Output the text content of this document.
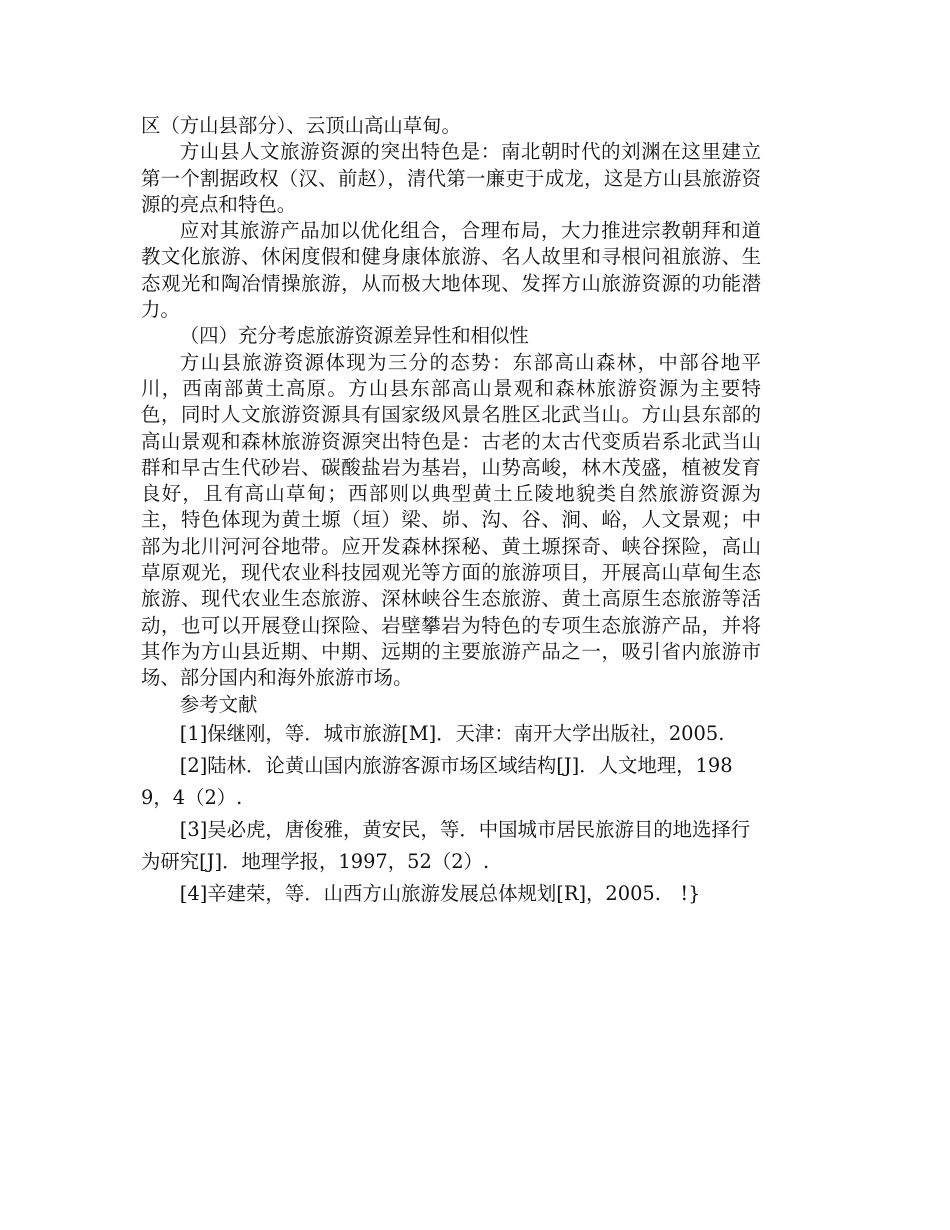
区（方山县部分）、云顶山高山草甸。

方山县人文旅游资源的突出特色是：南北朝时代的刘渊在这里建立第一个割据政权（汉、前赵），清代第一廉吏于成龙，这是方山县旅游资源的亮点和特色。

应对其旅游产品加以优化组合，合理布局，大力推进宗教朝拜和道教文化旅游、休闲度假和健身康体旅游、名人故里和寻根问祖旅游、生态观光和陶冶情操旅游，从而极大地体现、发挥方山旅游资源的功能潜力。

（四）充分考虑旅游资源差异性和相似性

方山县旅游资源体现为三分的态势：东部高山森林，中部谷地平川，西南部黄土高原。方山县东部高山景观和森林旅游资源为主要特色，同时人文旅游资源具有国家级风景名胜区北武当山。方山县东部的高山景观和森林旅游资源突出特色是：古老的太古代变质岩系北武当山群和早古生代砂岩、碳酸盐岩为基岩，山势高峻，林木茂盛，植被发育良好，且有高山草甸；西部则以典型黄土丘陵地貌类自然旅游资源为主，特色体现为黄土塬（垣）梁、峁、沟、谷、涧、峪，人文景观；中部为北川河河谷地带。应开发森林探秘、黄土塬探奇、峡谷探险，高山草原观光，现代农业科技园观光等方面的旅游项目，开展高山草甸生态旅游、现代农业生态旅游、深林峡谷生态旅游、黄土高原生态旅游等活动，也可以开展登山探险、岩壁攀岩为特色的专项生态旅游产品，并将其作为方山县近期、中期、远期的主要旅游产品之一，吸引省内旅游市场、部分国内和海外旅游市场。

参考文献

[1]保继刚，等．城市旅游[M]．天津：南开大学出版社，2005.

[2]陆林．论黄山国内旅游客源市场区域结构[J]．人文地理，1989，4（2）.

[3]吴必虎，唐俊雅，黄安民，等．中国城市居民旅游目的地选择行为研究[J]．地理学报，1997，52（2）.

[4]辛建荣，等．山西方山旅游发展总体规划[R]，2005.　!}
